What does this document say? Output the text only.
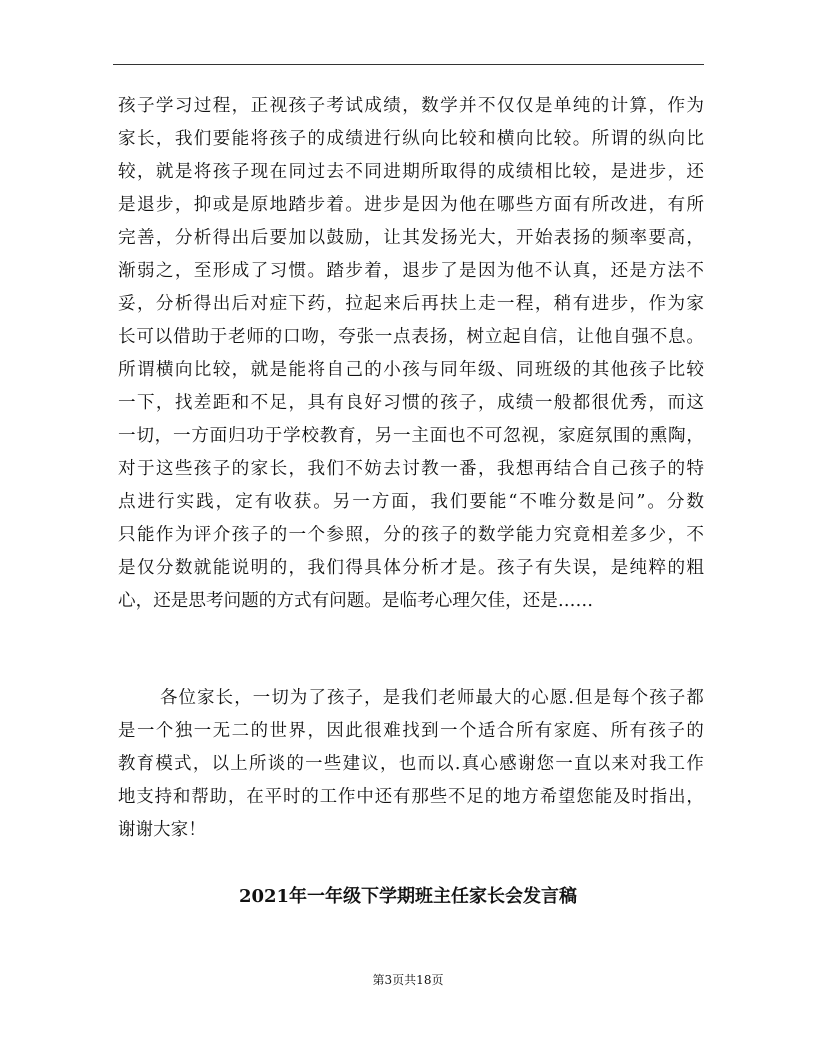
孩子学习过程，正视孩子考试成绩，数学并不仅仅是单纯的计算，作为
家长，我们要能将孩子的成绩进行纵向比较和横向比较。所谓的纵向比
较，就是将孩子现在同过去不同进期所取得的成绩相比较，是进步，还
是退步，抑或是原地踏步着。进步是因为他在哪些方面有所改进，有所
完善，分析得出后要加以鼓励，让其发扬光大，开始表扬的频率要高，
渐弱之，至形成了习惯。踏步着，退步了是因为他不认真，还是方法不
妥，分析得出后对症下药，拉起来后再扶上走一程，稍有进步，作为家
长可以借助于老师的口吻，夸张一点表扬，树立起自信，让他自强不息。
所谓横向比较，就是能将自己的小孩与同年级、同班级的其他孩子比较
一下，找差距和不足，具有良好习惯的孩子，成绩一般都很优秀，而这
一切，一方面归功于学校教育，另一主面也不可忽视，家庭氛围的熏陶，
对于这些孩子的家长，我们不妨去讨教一番，我想再结合自己孩子的特
点进行实践，定有收获。另一方面，我们要能“不唯分数是问”。分数
只能作为评介孩子的一个参照，分的孩子的数学能力究竟相差多少，不
是仅分数就能说明的，我们得具体分析才是。孩子有失误，是纯粹的粗
心，还是思考问题的方式有问题。是临考心理欠佳，还是……
各位家长，一切为了孩子，是我们老师最大的心愿.但是每个孩子都
是一个独一无二的世界，因此很难找到一个适合所有家庭、所有孩子的
教育模式，以上所谈的一些建议，也而以.真心感谢您一直以来对我工作
地支持和帮助，在平时的工作中还有那些不足的地方希望您能及时指出，
谢谢大家！
2021年一年级下学期班主任家长会发言稿
第3页共18页
